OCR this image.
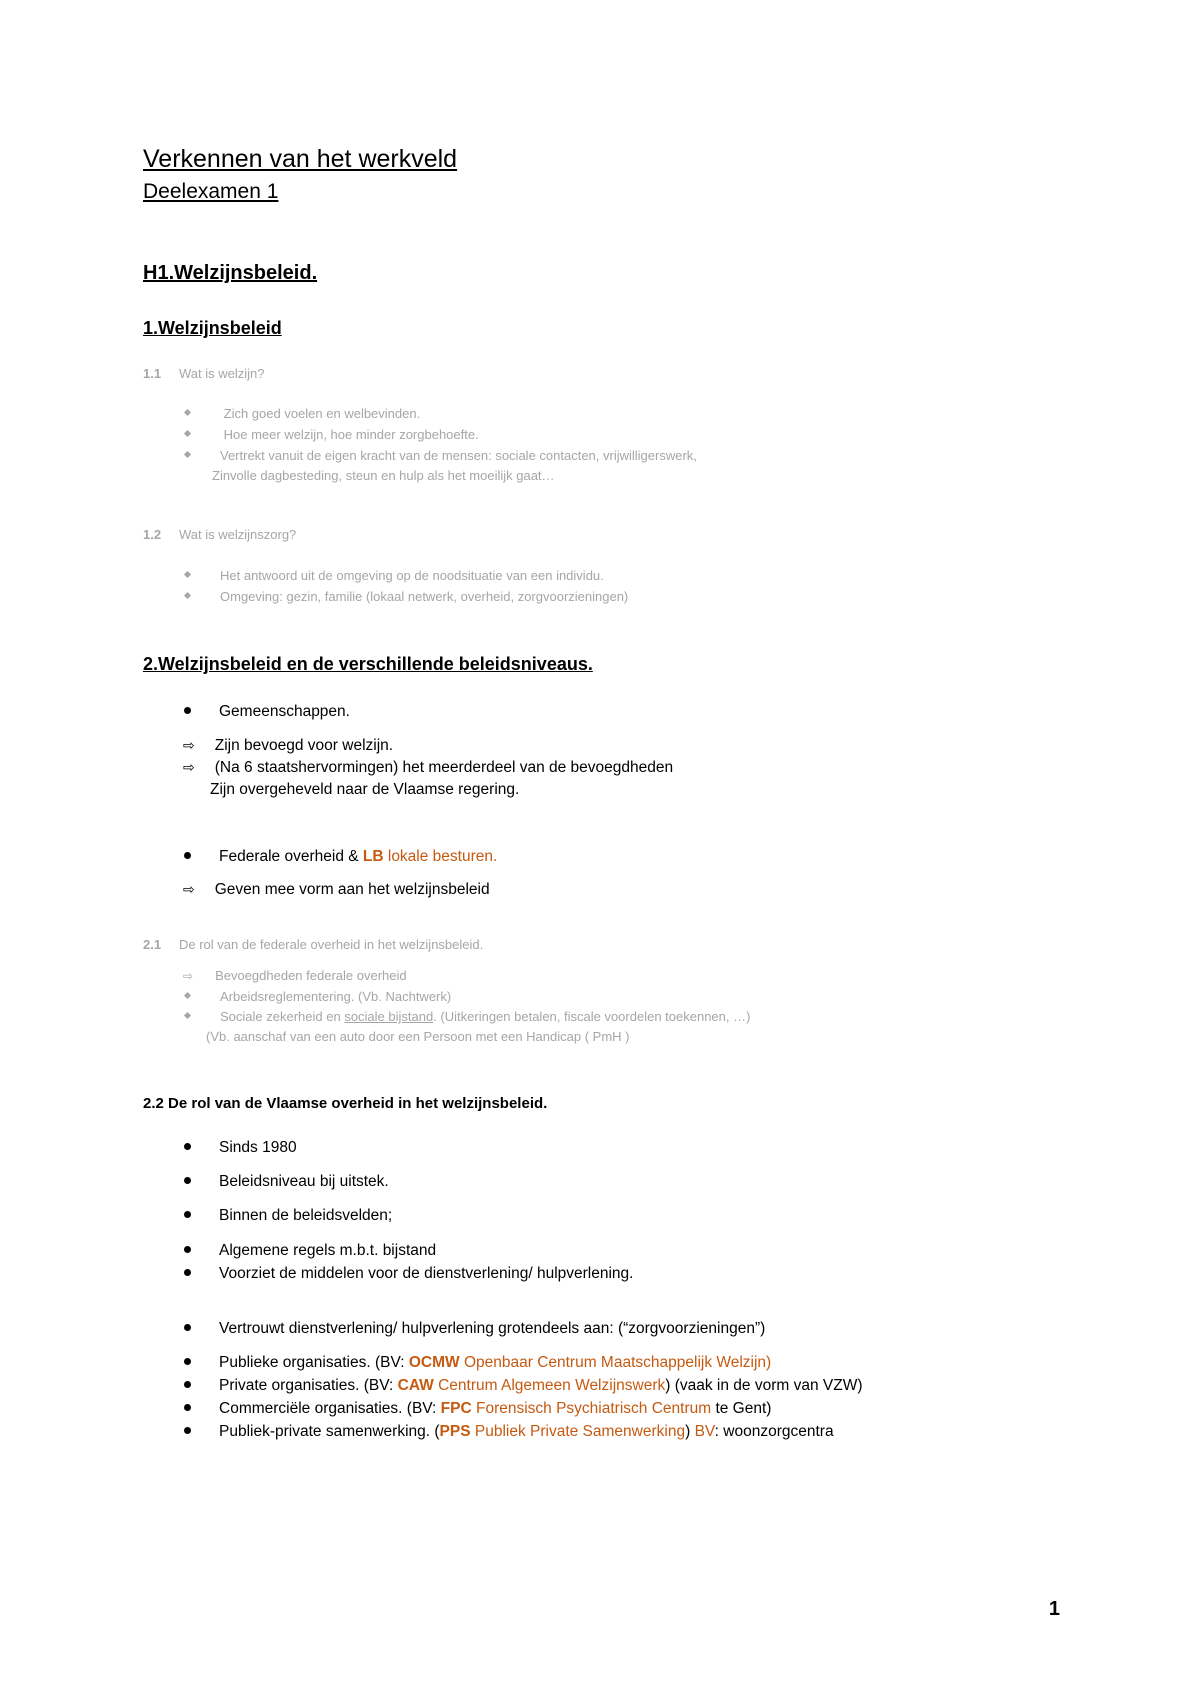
Verkennen van het werkveld
Deelexamen 1
H1.Welzijnsbeleid.
1.Welzijnsbeleid
1.1 Wat is welzijn?
Zich goed voelen en welbevinden.
Hoe meer welzijn, hoe minder zorgbehoefte.
Vertrekt vanuit de eigen kracht van de mensen: sociale contacten, vrijwilligerswerk,
Zinvolle dagbesteding, steun en hulp als het moeilijk gaat…
1.2 Wat is welzijnszorg?
Het antwoord uit de omgeving op de noodsituatie van een individu.
Omgeving: gezin, familie (lokaal netwerk, overheid, zorgvoorzieningen)
2.Welzijnsbeleid en de verschillende beleidsniveaus.
Gemeenschappen.
⇨ Zijn bevoegd voor welzijn.
⇨ (Na 6 staatshervormingen) het meerderdeel van de bevoegdheden
Zijn overgeheveld naar de Vlaamse regering.
Federale overheid & LB lokale besturen.
⇨ Geven mee vorm aan het welzijnsbeleid
2.1 De rol van de federale overheid in het welzijnsbeleid.
⇨ Bevoegdheden federale overheid
Arbeidsreglementering. (Vb. Nachtwerk)
Sociale zekerheid en sociale bijstand. (Uitkeringen betalen, fiscale voordelen toekennen, …)
(Vb. aanschaf van een auto door een Persoon met een Handicap ( PmH )
2.2 De rol van de Vlaamse overheid in het welzijnsbeleid.
Sinds 1980
Beleidsniveau bij uitstek.
Binnen de beleidsvelden;
Algemene regels m.b.t. bijstand
Voorziet de middelen voor de dienstverlening/ hulpverlening.
Vertrouwt dienstverlening/ hulpverlening grotendeels aan: (“zorgvoorzieningen”)
Publieke organisaties. (BV: OCMW Openbaar Centrum Maatschappelijk Welzijn)
Private organisaties. (BV: CAW Centrum Algemeen Welzijnswerk) (vaak in de vorm van VZW)
Commerciële organisaties. (BV: FPC Forensisch Psychiatrisch Centrum te Gent)
Publiek-private samenwerking. (PPS Publiek Private Samenwerking) BV: woonzorgcentra
1
